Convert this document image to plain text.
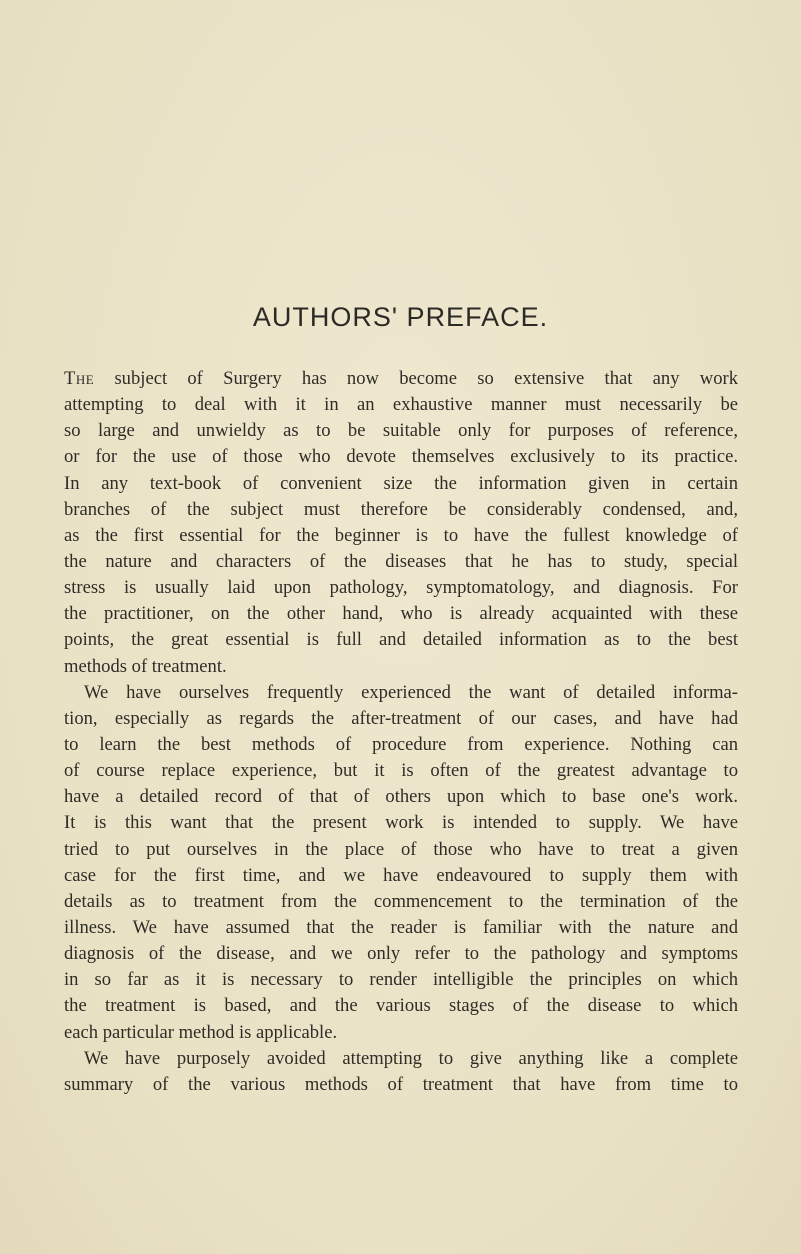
AUTHORS' PREFACE.
The subject of Surgery has now become so extensive that any work
attempting to deal with it in an exhaustive manner must necessarily be
so large and unwieldy as to be suitable only for purposes of reference,
or for the use of those who devote themselves exclusively to its practice.
In any text-book of convenient size the information given in certain
branches of the subject must therefore be considerably condensed, and,
as the first essential for the beginner is to have the fullest knowledge of
the nature and characters of the diseases that he has to study, special
stress is usually laid upon pathology, symptomatology, and diagnosis. For
the practitioner, on the other hand, who is already acquainted with these
points, the great essential is full and detailed information as to the best
methods of treatment.
We have ourselves frequently experienced the want of detailed informa-
tion, especially as regards the after-treatment of our cases, and have had
to learn the best methods of procedure from experience. Nothing can
of course replace experience, but it is often of the greatest advantage to
have a detailed record of that of others upon which to base one's work.
It is this want that the present work is intended to supply. We have
tried to put ourselves in the place of those who have to treat a given
case for the first time, and we have endeavoured to supply them with
details as to treatment from the commencement to the termination of the
illness. We have assumed that the reader is familiar with the nature and
diagnosis of the disease, and we only refer to the pathology and symptoms
in so far as it is necessary to render intelligible the principles on which
the treatment is based, and the various stages of the disease to which
each particular method is applicable.
We have purposely avoided attempting to give anything like a complete
summary of the various methods of treatment that have from time to
